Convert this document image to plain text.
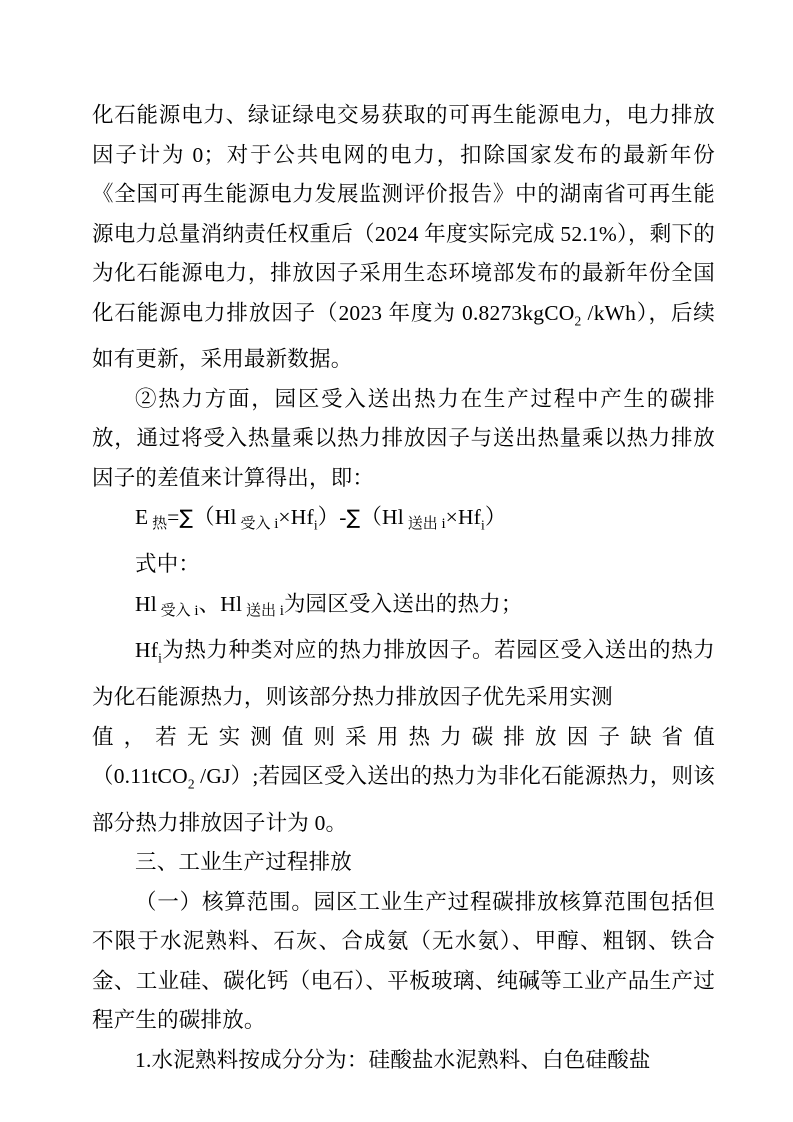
化石能源电力、绿证绿电交易获取的可再生能源电力，电力排放因子计为 0；对于公共电网的电力，扣除国家发布的最新年份《全国可再生能源电力发展监测评价报告》中的湖南省可再生能源电力总量消纳责任权重后（2024 年度实际完成 52.1%），剩下的为化石能源电力，排放因子采用生态环境部发布的最新年份全国化石能源电力排放因子（2023 年度为 0.8273kgCO$_2$ /kWh），后续如有更新，采用最新数据。

②热力方面，园区受入送出热力在生产过程中产生的碳排放，通过将受入热量乘以热力排放因子与送出热量乘以热力排放因子的差值来计算得出，即：

E 热=∑（Hl 受入 $i\times Hf_i)-\sum(Hl$ 送出 $i\times Hf_i$）

式中：

Hl 受入 i、Hl 送出 i为园区受入送出的热力；

$Hf_i$为热力种类对应的热力排放因子。若园区受入送出的热力为化石能源热力，则该部分热力排放因子优先采用实测

值，若无实测值则采用热力碳排放因子缺省值

（0.11tCO$_2$ /GJ）;若园区受入送出的热力为非化石能源热力，则该部分热力排放因子计为 0。

三、工业生产过程排放

（一）核算范围。园区工业生产过程碳排放核算范围包括但不限于水泥熟料、石灰、合成氨（无水氨）、甲醇、粗钢、铁合金、工业硅、碳化钙（电石）、平板玻璃、纯碱等工业产品生产过程产生的碳排放。

1.水泥熟料按成分分为：硅酸盐水泥熟料、白色硅酸盐
